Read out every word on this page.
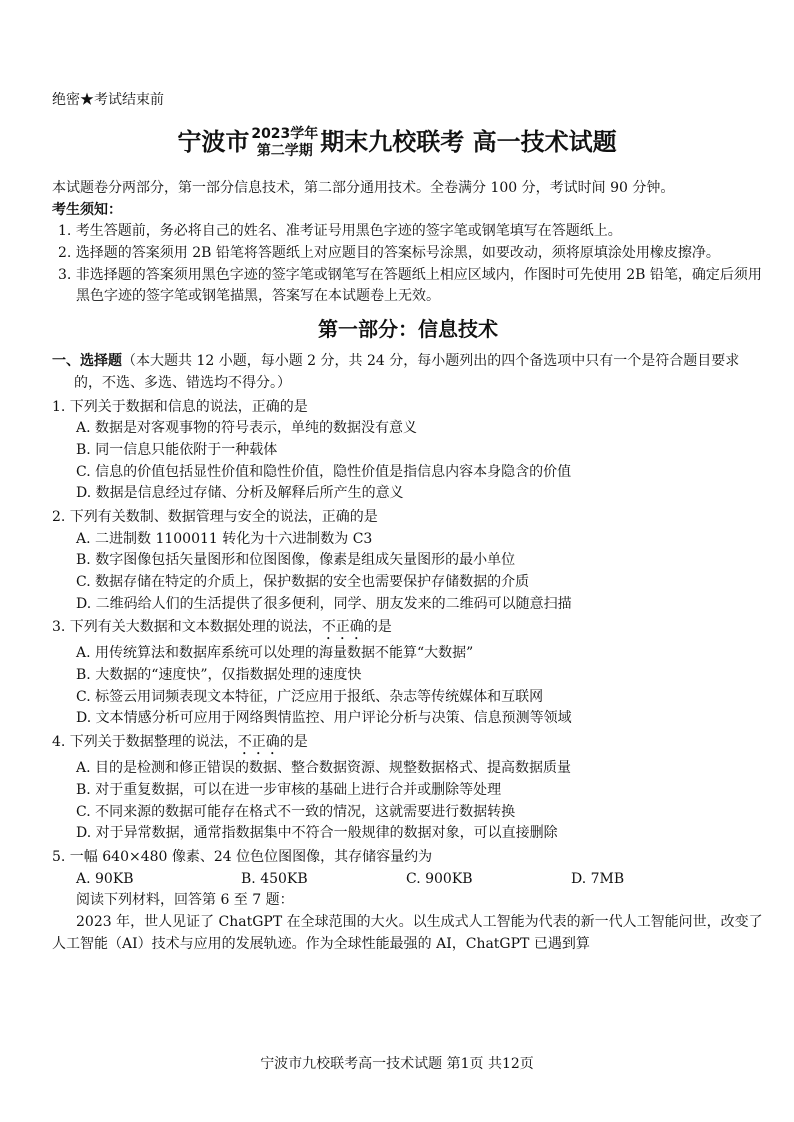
绝密★考试结束前
宁波市 2023学年
第二学期 期末九校联考 高一技术试题

本试题卷分两部分，第一部分信息技术，第二部分通用技术。全卷满分 100 分，考试时间 90 分钟。

考生须知：

1. 考生答题前，务必将自己的姓名、准考证号用黑色字迹的签字笔或钢笔填写在答题纸上。
2. 选择题的答案须用 2B 铅笔将答题纸上对应题目的答案标号涂黑，如要改动，须将原填涂处用橡皮擦净。
3. 非选择题的答案须用黑色字迹的签字笔或钢笔写在答题纸上相应区域内，作图时可先使用 2B 铅笔，确定后须用黑色字迹的签字笔或钢笔描黑，答案写在本试题卷上无效。
第一部分：信息技术

一、选择题（本大题共 12 小题，每小题 2 分，共 24 分，每小题列出的四个备选项中只有一个是符合题目要求的，不选、多选、错选均不得分。）

1. 下列关于数据和信息的说法，正确的是

A. 数据是对客观事物的符号表示，单纯的数据没有意义

B. 同一信息只能依附于一种载体

C. 信息的价值包括显性价值和隐性价值，隐性价值是指信息内容本身隐含的价值

D. 数据是信息经过存储、分析及解释后所产生的意义

2. 下列有关数制、数据管理与安全的说法，正确的是

A. 二进制数 1100011 转化为十六进制数为 C3

B. 数字图像包括矢量图形和位图图像，像素是组成矢量图形的最小单位

C. 数据存储在特定的介质上，保护数据的安全也需要保护存储数据的介质

D. 二维码给人们的生活提供了很多便利，同学、朋友发来的二维码可以随意扫描

3. 下列有关大数据和文本数据处理的说法，不正确的是

A. 用传统算法和数据库系统可以处理的海量数据不能算“大数据”

B. 大数据的“速度快”，仅指数据处理的速度快

C. 标签云用词频表现文本特征，广泛应用于报纸、杂志等传统媒体和互联网

D. 文本情感分析可应用于网络舆情监控、用户评论分析与决策、信息预测等领域

4. 下列关于数据整理的说法，不正确的是

A. 目的是检测和修正错误的数据、整合数据资源、规整数据格式、提高数据质量

B. 对于重复数据，可以在进一步审核的基础上进行合并或删除等处理

C. 不同来源的数据可能存在格式不一致的情况，这就需要进行数据转换

D. 对于异常数据，通常指数据集中不符合一般规律的数据对象，可以直接删除

5. 一幅 640×480 像素、24 位色位图图像，其存储容量约为

A. 90KB	B. 450KB	C. 900KB	D. 7MB

阅读下列材料，回答第 6 至 7 题：

2023 年，世人见证了 ChatGPT 在全球范围的大火。以生成式人工智能为代表的新一代人工智能问世，改变了人工智能（AI）技术与应用的发展轨迹。作为全球性能最强的 AI，ChatGPT 已遇到算

宁波市九校联考高一技术试题 第1页 共12页
